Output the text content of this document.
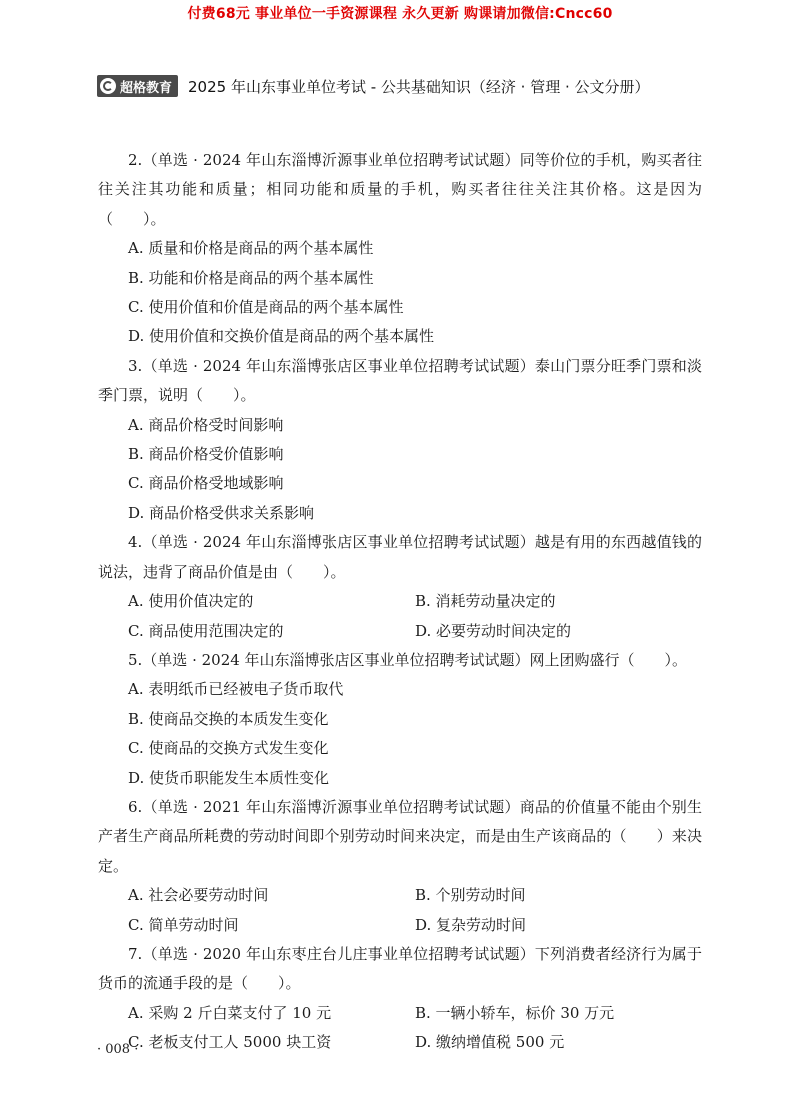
付费68元 事业单位一手资源课程 永久更新 购课请加微信:Cncc60
超格教育 2025 年山东事业单位考试 - 公共基础知识（经济 · 管理 · 公文分册）

2.（单选 · 2024 年山东淄博沂源事业单位招聘考试试题）同等价位的手机，购买者往往关注其功能和质量；相同功能和质量的手机，购买者往往关注其价格。这是因为（　　）。

A. 质量和价格是商品的两个基本属性

B. 功能和价格是商品的两个基本属性

C. 使用价值和价值是商品的两个基本属性

D. 使用价值和交换价值是商品的两个基本属性

3.（单选 · 2024 年山东淄博张店区事业单位招聘考试试题）泰山门票分旺季门票和淡季门票，说明（　　）。

A. 商品价格受时间影响

B. 商品价格受价值影响

C. 商品价格受地域影响

D. 商品价格受供求关系影响

4.（单选 · 2024 年山东淄博张店区事业单位招聘考试试题）越是有用的东西越值钱的说法，违背了商品价值是由（　　）。

A. 使用价值决定的	B. 消耗劳动量决定的
C. 商品使用范围决定的	D. 必要劳动时间决定的

5.（单选 · 2024 年山东淄博张店区事业单位招聘考试试题）网上团购盛行（　　）。

A. 表明纸币已经被电子货币取代

B. 使商品交换的本质发生变化

C. 使商品的交换方式发生变化

D. 使货币职能发生本质性变化

6.（单选 · 2021 年山东淄博沂源事业单位招聘考试试题）商品的价值量不能由个别生产者生产商品所耗费的劳动时间即个别劳动时间来决定，而是由生产该商品的（　　）来决定。

A. 社会必要劳动时间	B. 个别劳动时间
C. 简单劳动时间	D. 复杂劳动时间

7.（单选 · 2020 年山东枣庄台儿庄事业单位招聘考试试题）下列消费者经济行为属于货币的流通手段的是（　　）。

A. 采购 2 斤白菜支付了 10 元	B. 一辆小轿车，标价 30 万元
C. 老板支付工人 5000 块工资	D. 缴纳增值税 500 元
· 008 ·
